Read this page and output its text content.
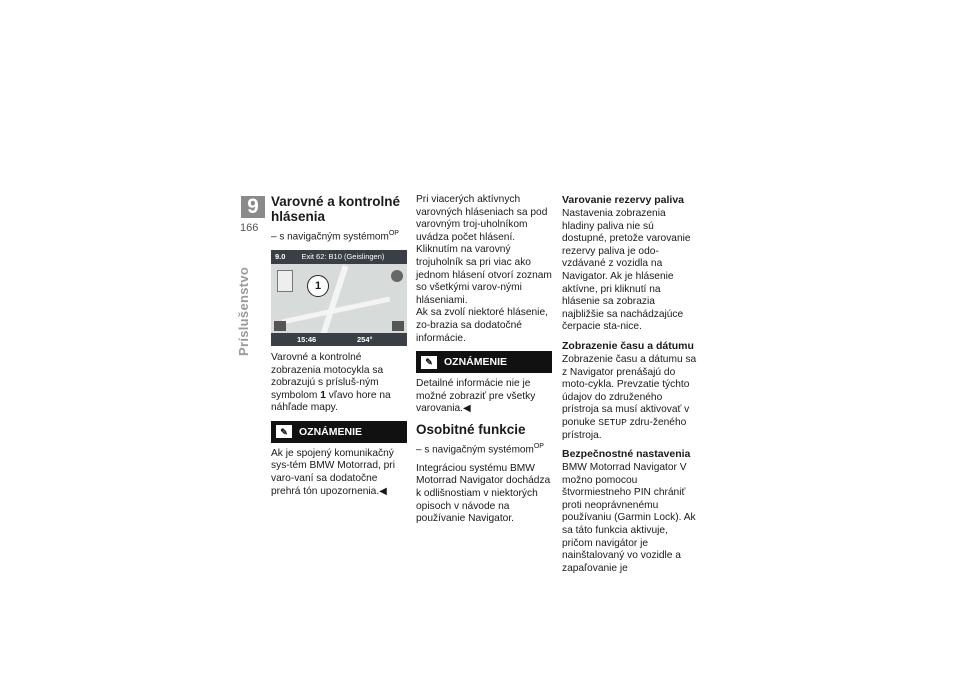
9
166
Príslušenstvo
Varovné a kontrolné hlásenia
– s navigačným systémom$^{OP}$
9.0 Exit 62: B10 (Geislingen)
1
15:46	254°

Varovné a kontrolné zobrazenia motocykla sa zobrazujú s prísluš-ným symbolom 1 vľavo hore na náhľade mapy.

✎	OZNÁMENIE

Ak je spojený komunikačný sys-tém BMW Motorrad, pri varo-vaní sa dodatočne prehrá tón upozornenia.◀

Pri viacerých aktívnych varovných hláseniach sa pod varovným troj-uholníkom uvádza počet hlásení. Kliknutím na varovný trojuholník sa pri viac ako jednom hlásení otvorí zoznam so všetkými varov-nými hláseniami.

Ak sa zvolí niektoré hlásenie, zo-brazia sa dodatočné informácie.

✎	OZNÁMENIE

Detailné informácie nie je možné zobraziť pre všetky varovania.◀

Osobitné funkcie
– s navigačným systémom$^{OP}$

Integráciou systému BMW Motorrad Navigator dochádza k odlišnostiam v niektorých opisoch v návode na používanie Navigator.

Varovanie rezervy paliva

Nastavenia zobrazenia hladiny paliva nie sú dostupné, pretože varovanie rezervy paliva je odo-vzdávané z vozidla na Navigator. Ak je hlásenie aktívne, pri kliknutí na hlásenie sa zobrazia najbližšie sa nachádzajúce čerpacie sta-nice.

Zobrazenie času a dátumu

Zobrazenie času a dátumu sa z Navigator prenášajú do moto-cykla. Prevzatie týchto údajov do združeného prístroja sa musí aktivovať v ponuke SETUP zdru-ženého prístroja.

Bezpečnostné nastavenia

BMW Motorrad Navigator V možno pomocou štvormiestneho PIN chrániť proti neoprávnenému používaniu (Garmin Lock). Ak sa táto funkcia aktivuje, pričom navigátor je nainštalovaný vo vozidle a zapaľovanie je
